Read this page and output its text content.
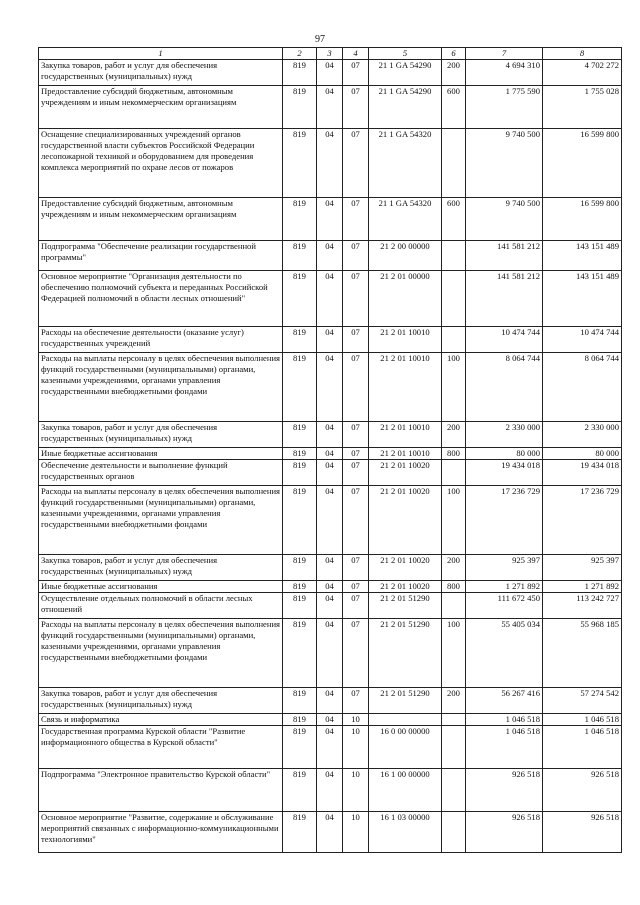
97
1	2	3	4	5	6	7	8
Закупка товаров, работ и услуг для обеспечения государственных (муниципальных) нужд	819	04	07	21 1 GA 54290	200	4 694 310	4 702 272
Предоставление субсидий бюджетным, автономным учреждениям и иным некоммерческим организациям	819	04	07	21 1 GA 54290	600	1 775 590	1 755 028
Оснащение специализированных учреждений органов государственной власти субъектов Российской Федерации лесопожарной техникой и оборудованием для проведения комплекса мероприятий по охране лесов от пожаров	819	04	07	21 1 GA 54320		9 740 500	16 599 800
Предоставление субсидий бюджетным, автономным учреждениям и иным некоммерческим организациям	819	04	07	21 1 GA 54320	600	9 740 500	16 599 800
Подпрограмма "Обеспечение реализации государственной программы"	819	04	07	21 2 00 00000		141 581 212	143 151 489
Основное мероприятие "Организация деятельности по обеспечению полномочий субъекта и переданных Российской Федерацией полномочий в области лесных отношений"	819	04	07	21 2 01 00000		141 581 212	143 151 489
Расходы на обеспечение деятельности (оказание услуг) государственных учреждений	819	04	07	21 2 01 10010		10 474 744	10 474 744
Расходы на выплаты персоналу в целях обеспечения выполнения функций государственными (муниципальными) органами, казенными учреждениями, органами управления государственными внебюджетными фондами	819	04	07	21 2 01 10010	100	8 064 744	8 064 744
Закупка товаров, работ и услуг для обеспечения государственных (муниципальных) нужд	819	04	07	21 2 01 10010	200	2 330 000	2 330 000
Иные бюджетные ассигнования	819	04	07	21 2 01 10010	800	80 000	80 000
Обеспечение деятельности и выполнение функций государственных органов	819	04	07	21 2 01 10020		19 434 018	19 434 018
Расходы на выплаты персоналу в целях обеспечения выполнения функций государственными (муниципальными) органами, казенными учреждениями, органами управления государственными внебюджетными фондами	819	04	07	21 2 01 10020	100	17 236 729	17 236 729
Закупка товаров, работ и услуг для обеспечения государственных (муниципальных) нужд	819	04	07	21 2 01 10020	200	925 397	925 397
Иные бюджетные ассигнования	819	04	07	21 2 01 10020	800	1 271 892	1 271 892
Осуществление отдельных полномочий в области лесных отношений	819	04	07	21 2 01 51290		111 672 450	113 242 727
Расходы на выплаты персоналу в целях обеспечения выполнения функций государственными (муниципальными) органами, казенными учреждениями, органами управления государственными внебюджетными фондами	819	04	07	21 2 01 51290	100	55 405 034	55 968 185
Закупка товаров, работ и услуг для обеспечения государственных (муниципальных) нужд	819	04	07	21 2 01 51290	200	56 267 416	57 274 542
Связь и информатика	819	04	10			1 046 518	1 046 518
Государственная программа Курской области "Развитие информационного общества в Курской области"	819	04	10	16 0 00 00000		1 046 518	1 046 518
Подпрограмма "Электронное правительство Курской области"	819	04	10	16 1 00 00000		926 518	926 518
Основное мероприятие "Развитие, содержание и обслуживание мероприятий связанных с информационно-коммуникационными технологиями"	819	04	10	16 1 03 00000		926 518	926 518
